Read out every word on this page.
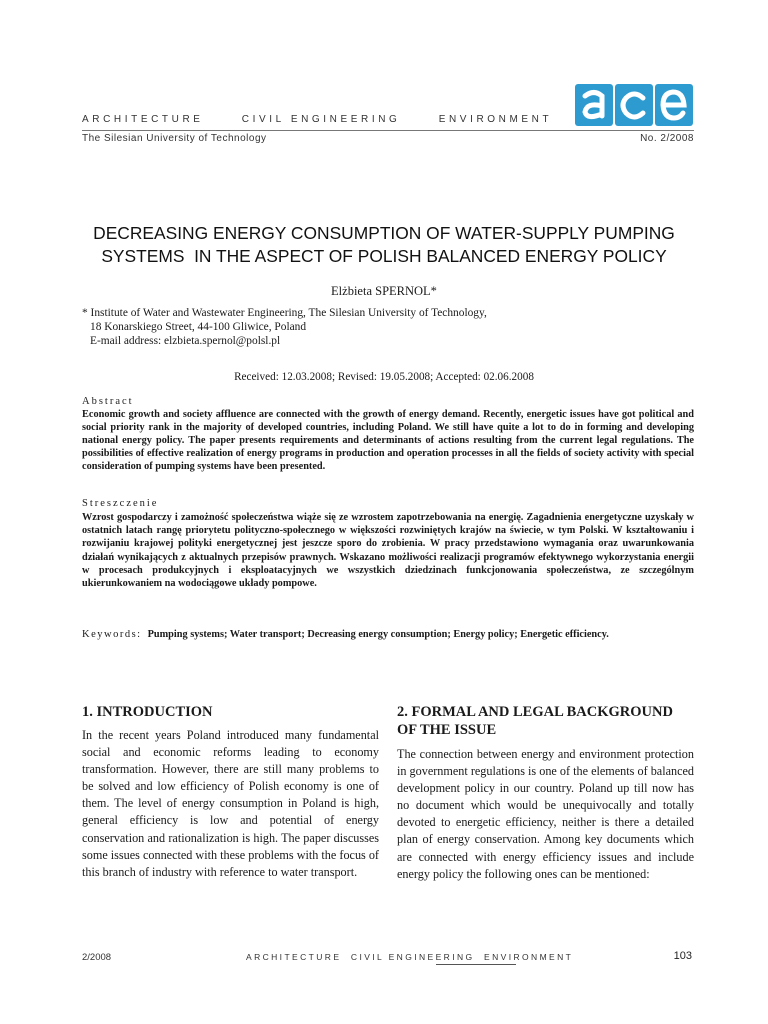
ARCHITECTURE      CIVIL ENGINEERING      ENVIRONMENT
The Silesian University of Technology	No. 2/2008
DECREASING ENERGY CONSUMPTION OF WATER-SUPPLY PUMPING
SYSTEMS  IN THE ASPECT OF POLISH BALANCED ENERGY POLICY
Elżbieta SPERNOL*
* Institute of Water and Wastewater Engineering, The Silesian University of Technology,
18 Konarskiego Street, 44-100 Gliwice, Poland
E-mail address: elzbieta.spernol@polsl.pl
Received: 12.03.2008; Revised: 19.05.2008; Accepted: 02.06.2008
Abstract
Economic growth and society affluence are connected with the growth of energy demand. Recently, energetic issues have got political and social priority rank in the majority of developed countries, including Poland. We still have quite a lot to do in forming and developing national energy policy. The paper presents requirements and determinants of actions resulting from the current legal regulations. The possibilities of effective realization of energy programs in production and operation processes in all the fields of society activity with special consideration of pumping systems have been presented.
Streszczenie
Wzrost gospodarczy i zamożność społeczeństwa wiąże się ze wzrostem zapotrzebowania na energię. Zagadnienia energetyczne uzyskały w ostatnich latach rangę priorytetu polityczno-społecznego w większości rozwiniętych krajów na świecie, w tym Polski. W kształtowaniu i rozwijaniu krajowej polityki energetycznej jest jeszcze sporo do zrobienia. W pracy przedstawiono wymagania oraz uwarunkowania działań wynikających z aktualnych przepisów prawnych. Wskazano możliwości realizacji programów efektywnego wykorzystania energii w procesach produkcyjnych i eksploatacyjnych we wszystkich dziedzinach funkcjonowania społeczeństwa, ze szczególnym ukierunkowaniem na wodociągowe układy pompowe.
Keywords: Pumping systems; Water transport; Decreasing energy consumption; Energy policy; Energetic efficiency.
1. INTRODUCTION
In the recent years Poland introduced many fundamental social and economic reforms leading to economy transformation. However, there are still many problems to be solved and low efficiency of Polish economy is one of them. The level of energy consumption in Poland is high, general efficiency is low and potential of energy conservation and rationalization is high. The paper discusses some issues connected with these problems with the focus of this branch of industry with reference to water transport.
2. FORMAL AND LEGAL BACKGROUND
OF THE ISSUE
The connection between energy and environment protection in government regulations is one of the elements of balanced development policy in our country. Poland up till now has no document which would be unequivocally and totally devoted to energetic efficiency, neither is there a detailed plan of energy conservation. Among key documents which are connected with energy efficiency issues and include energy policy the following ones can be mentioned:
2/2008	ARCHITECTURE  CIVIL ENGINEERING  ENVIRONMENT	103
